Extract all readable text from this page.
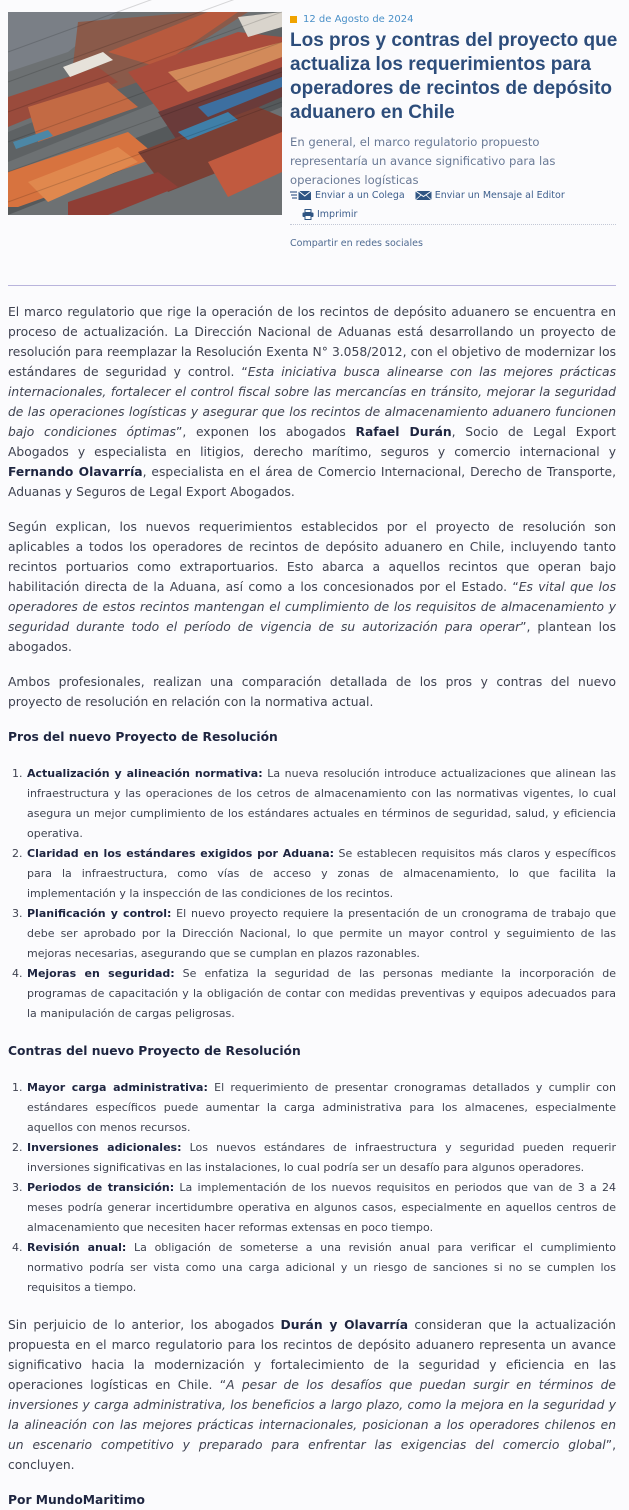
12 de Agosto de 2024
Los pros y contras del proyecto que actualiza los requerimientos para operadores de recintos de depósito aduanero en Chile

En general, el marco regulatorio propuesto representaría un avance significativo para las operaciones logísticas

Enviar a un Colega	Enviar un Mensaje al Editor
Imprimir
Compartir en redes sociales

El marco regulatorio que rige la operación de los recintos de depósito aduanero se encuentra en proceso de actualización. La Dirección Nacional de Aduanas está desarrollando un proyecto de resolución para reemplazar la Resolución Exenta N° 3.058/2012, con el objetivo de modernizar los estándares de seguridad y control. “Esta iniciativa busca alinearse con las mejores prácticas internacionales, fortalecer el control fiscal sobre las mercancías en tránsito, mejorar la seguridad de las operaciones logísticas y asegurar que los recintos de almacenamiento aduanero funcionen bajo condiciones óptimas”, exponen los abogados Rafael Durán, Socio de Legal Export Abogados y especialista en litigios, derecho marítimo, seguros y comercio internacional y Fernando Olavarría, especialista en el área de Comercio Internacional, Derecho de Transporte, Aduanas y Seguros de Legal Export Abogados.

Según explican, los nuevos requerimientos establecidos por el proyecto de resolución son aplicables a todos los operadores de recintos de depósito aduanero en Chile, incluyendo tanto recintos portuarios como extraportuarios. Esto abarca a aquellos recintos que operan bajo habilitación directa de la Aduana, así como a los concesionados por el Estado. “Es vital que los operadores de estos recintos mantengan el cumplimiento de los requisitos de almacenamiento y seguridad durante todo el período de vigencia de su autorización para operar”, plantean los abogados.

Ambos profesionales, realizan una comparación detallada de los pros y contras del nuevo proyecto de resolución en relación con la normativa actual.

Pros del nuevo Proyecto de Resolución
1. Actualización y alineación normativa: La nueva resolución introduce actualizaciones que alinean las infraestructura y las operaciones de los cetros de almacenamiento con las normativas vigentes, lo cual asegura un mejor cumplimiento de los estándares actuales en términos de seguridad, salud, y eficiencia operativa.
2. Claridad en los estándares exigidos por Aduana: Se establecen requisitos más claros y específicos para la infraestructura, como vías de acceso y zonas de almacenamiento, lo que facilita la implementación y la inspección de las condiciones de los recintos.
3. Planificación y control: El nuevo proyecto requiere la presentación de un cronograma de trabajo que debe ser aprobado por la Dirección Nacional, lo que permite un mayor control y seguimiento de las mejoras necesarias, asegurando que se cumplan en plazos razonables.
4. Mejoras en seguridad: Se enfatiza la seguridad de las personas mediante la incorporación de programas de capacitación y la obligación de contar con medidas preventivas y equipos adecuados para la manipulación de cargas peligrosas.
Contras del nuevo Proyecto de Resolución
1. Mayor carga administrativa: El requerimiento de presentar cronogramas detallados y cumplir con estándares específicos puede aumentar la carga administrativa para los almacenes, especialmente aquellos con menos recursos.
2. Inversiones adicionales: Los nuevos estándares de infraestructura y seguridad pueden requerir inversiones significativas en las instalaciones, lo cual podría ser un desafío para algunos operadores.
3. Periodos de transición: La implementación de los nuevos requisitos en periodos que van de 3 a 24 meses podría generar incertidumbre operativa en algunos casos, especialmente en aquellos centros de almacenamiento que necesiten hacer reformas extensas en poco tiempo.
4. Revisión anual: La obligación de someterse a una revisión anual para verificar el cumplimiento normativo podría ser vista como una carga adicional y un riesgo de sanciones si no se cumplen los requisitos a tiempo.

Sin perjuicio de lo anterior, los abogados Durán y Olavarría consideran que la actualización propuesta en el marco regulatorio para los recintos de depósito aduanero representa un avance significativo hacia la modernización y fortalecimiento de la seguridad y eficiencia en las operaciones logísticas en Chile. “A pesar de los desafíos que puedan surgir en términos de inversiones y carga administrativa, los beneficios a largo plazo, como la mejora en la seguridad y la alineación con las mejores prácticas internacionales, posicionan a los operadores chilenos en un escenario competitivo y preparado para enfrentar las exigencias del comercio global”, concluyen.

Por MundoMaritimo
